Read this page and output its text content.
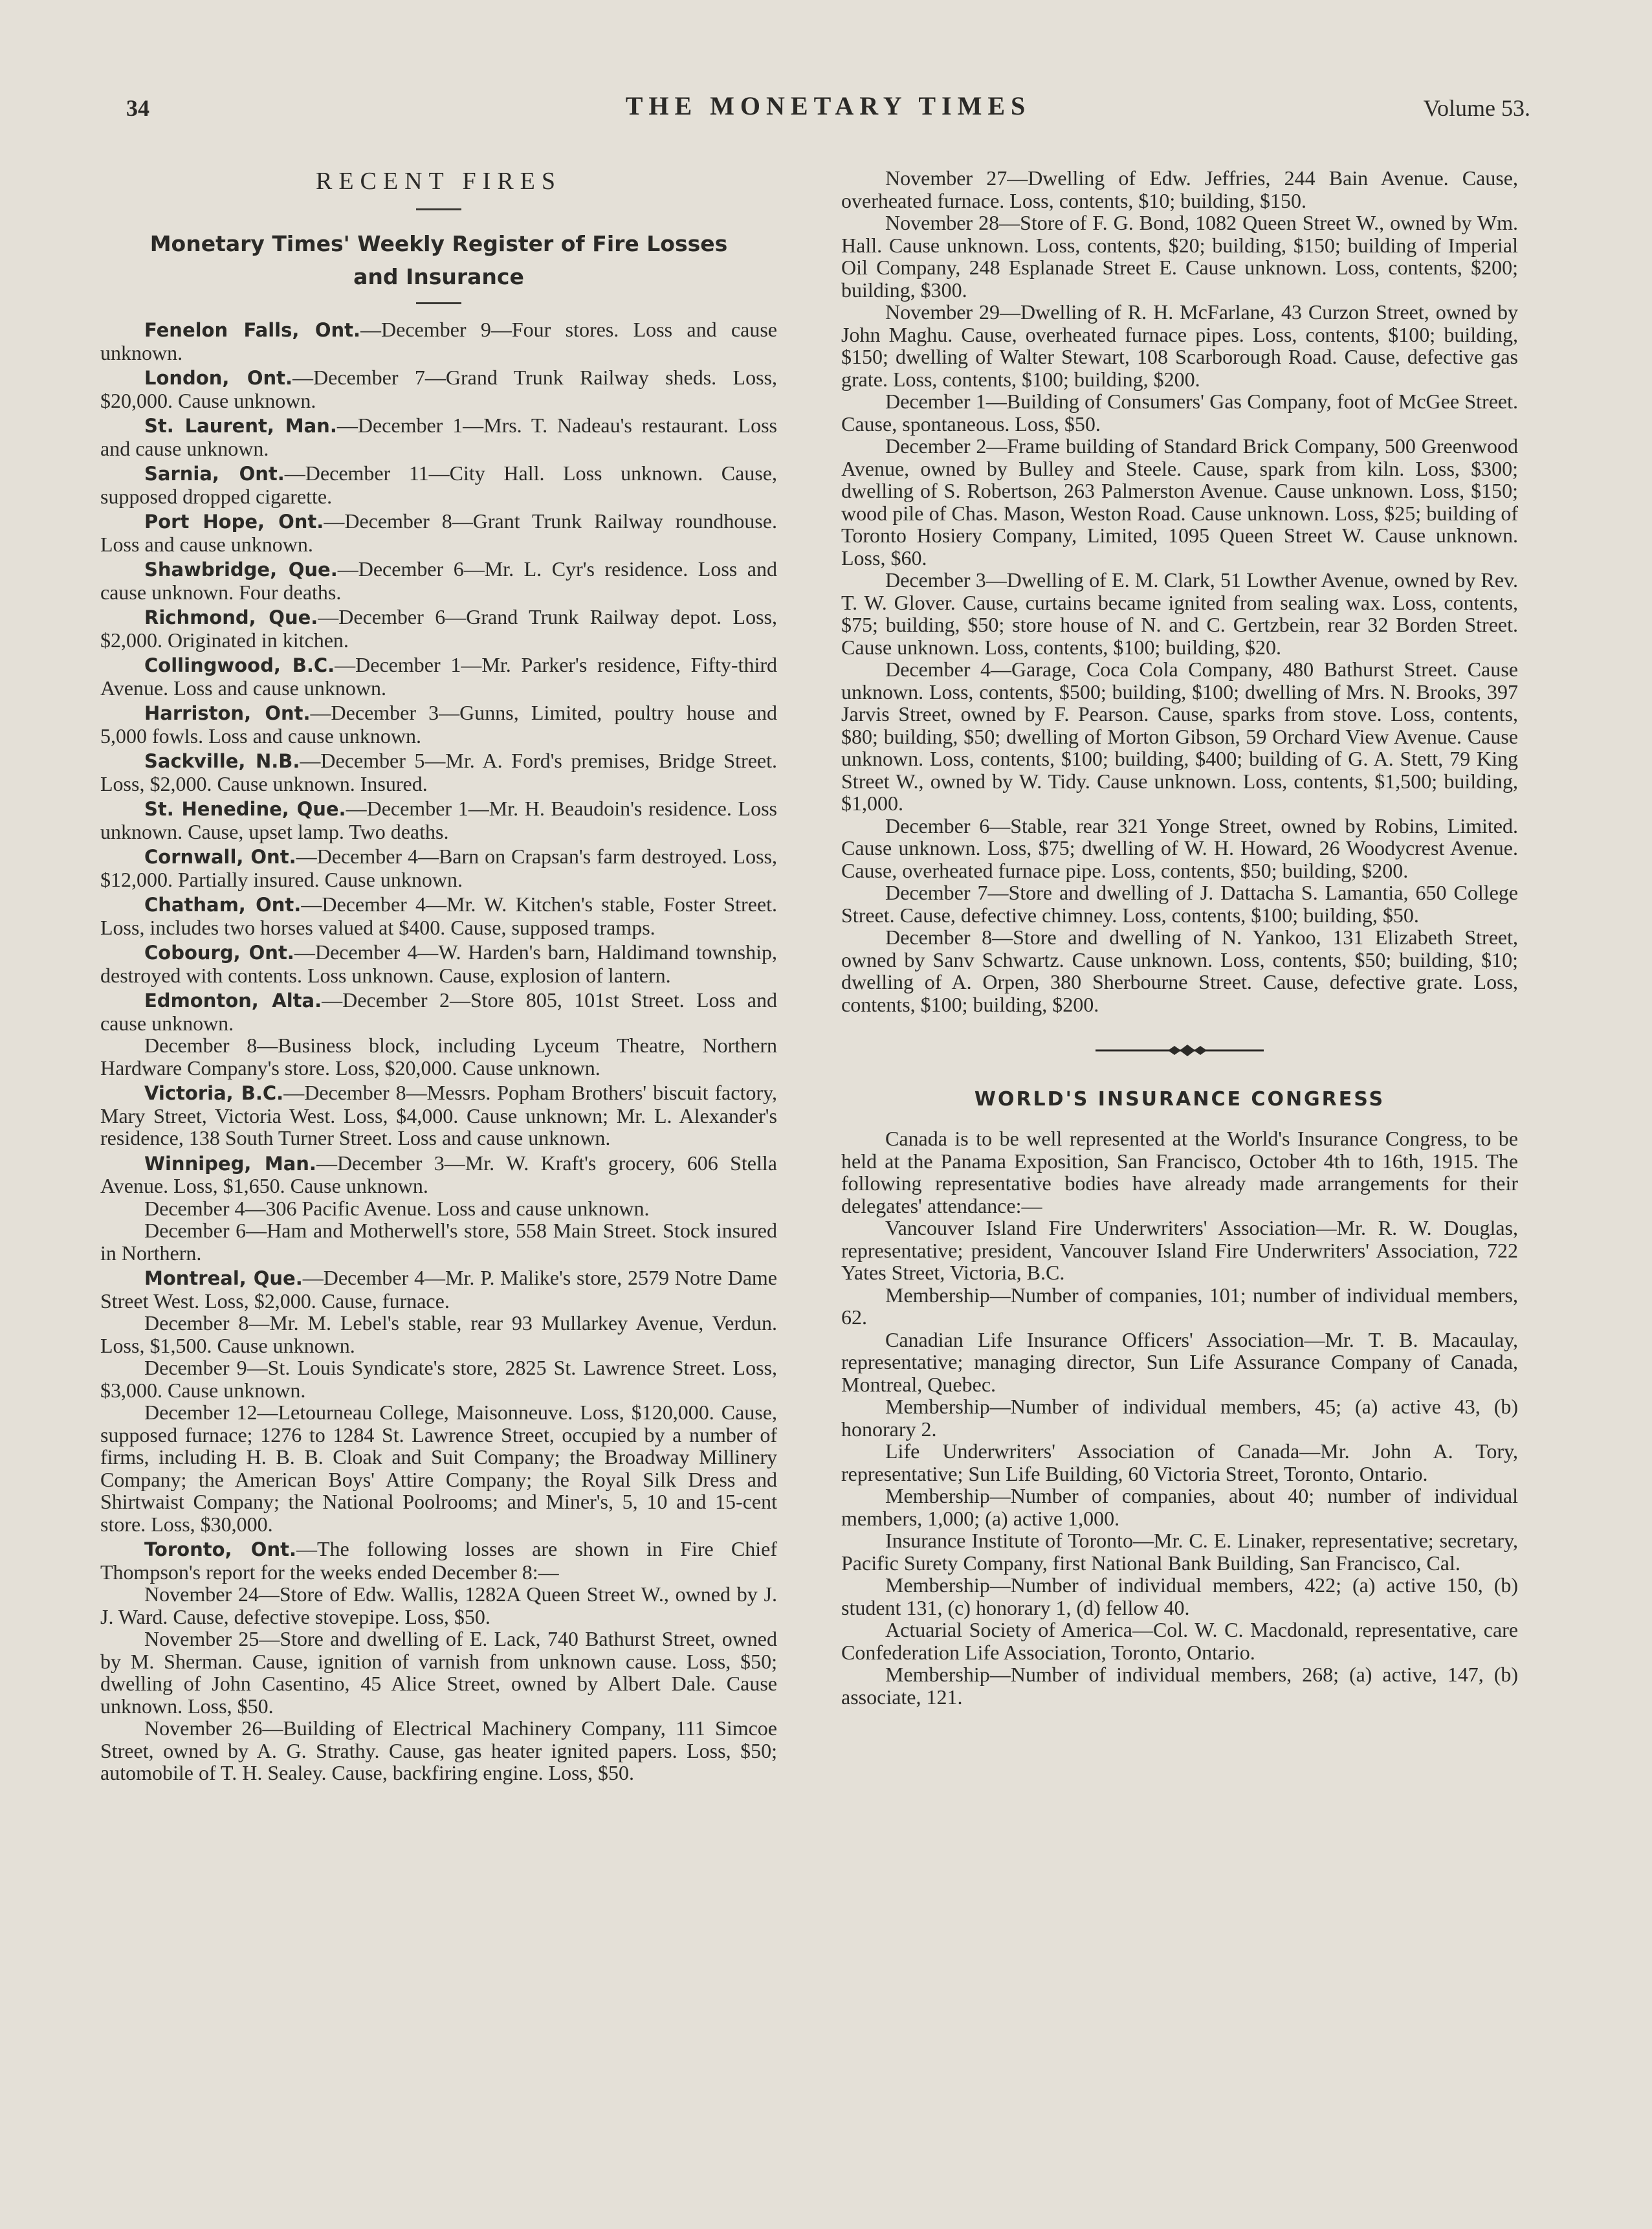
34	THE MONETARY TIMES	Volume 53.
RECENT FIRES
Monetary Times' Weekly Register of Fire Losses
and Insurance

Fenelon Falls, Ont.—December 9—Four stores. Loss and cause unknown.

London, Ont.—December 7—Grand Trunk Railway sheds. Loss, $20,000. Cause unknown.

St. Laurent, Man.—December 1—Mrs. T. Nadeau's restaurant. Loss and cause unknown.

Sarnia, Ont.—December 11—City Hall. Loss unknown. Cause, supposed dropped cigarette.

Port Hope, Ont.—December 8—Grant Trunk Railway roundhouse. Loss and cause unknown.

Shawbridge, Que.—December 6—Mr. L. Cyr's residence. Loss and cause unknown. Four deaths.

Richmond, Que.—December 6—Grand Trunk Railway depot. Loss, $2,000. Originated in kitchen.

Collingwood, B.C.—December 1—Mr. Parker's residence, Fifty-third Avenue. Loss and cause unknown.

Harriston, Ont.—December 3—Gunns, Limited, poultry house and 5,000 fowls. Loss and cause unknown.

Sackville, N.B.—December 5—Mr. A. Ford's premises, Bridge Street. Loss, $2,000. Cause unknown. Insured.

St. Henedine, Que.—December 1—Mr. H. Beaudoin's residence. Loss unknown. Cause, upset lamp. Two deaths.

Cornwall, Ont.—December 4—Barn on Crapsan's farm destroyed. Loss, $12,000. Partially insured. Cause unknown.

Chatham, Ont.—December 4—Mr. W. Kitchen's stable, Foster Street. Loss, includes two horses valued at $400. Cause, supposed tramps.

Cobourg, Ont.—December 4—W. Harden's barn, Haldimand township, destroyed with contents. Loss unknown. Cause, explosion of lantern.

Edmonton, Alta.—December 2—Store 805, 101st Street. Loss and cause unknown.

December 8—Business block, including Lyceum Theatre, Northern Hardware Company's store. Loss, $20,000. Cause unknown.

Victoria, B.C.—December 8—Messrs. Popham Brothers' biscuit factory, Mary Street, Victoria West. Loss, $4,000. Cause unknown; Mr. L. Alexander's residence, 138 South Turner Street. Loss and cause unknown.

Winnipeg, Man.—December 3—Mr. W. Kraft's grocery, 606 Stella Avenue. Loss, $1,650. Cause unknown.

December 4—306 Pacific Avenue. Loss and cause unknown.

December 6—Ham and Motherwell's store, 558 Main Street. Stock insured in Northern.

Montreal, Que.—December 4—Mr. P. Malike's store, 2579 Notre Dame Street West. Loss, $2,000. Cause, furnace.

December 8—Mr. M. Lebel's stable, rear 93 Mullarkey Avenue, Verdun. Loss, $1,500. Cause unknown.

December 9—St. Louis Syndicate's store, 2825 St. Lawrence Street. Loss, $3,000. Cause unknown.

December 12—Letourneau College, Maisonneuve. Loss, $120,000. Cause, supposed furnace; 1276 to 1284 St. Lawrence Street, occupied by a number of firms, including H. B. B. Cloak and Suit Company; the Broadway Millinery Company; the American Boys' Attire Company; the Royal Silk Dress and Shirtwaist Company; the National Poolrooms; and Miner's, 5, 10 and 15-cent store. Loss, $30,000.

Toronto, Ont.—The following losses are shown in Fire Chief Thompson's report for the weeks ended December 8:—

November 24—Store of Edw. Wallis, 1282A Queen Street W., owned by J. J. Ward. Cause, defective stovepipe. Loss, $50.

November 25—Store and dwelling of E. Lack, 740 Bathurst Street, owned by M. Sherman. Cause, ignition of varnish from unknown cause. Loss, $50; dwelling of John Casentino, 45 Alice Street, owned by Albert Dale. Cause unknown. Loss, $50.

November 26—Building of Electrical Machinery Company, 111 Simcoe Street, owned by A. G. Strathy. Cause, gas heater ignited papers. Loss, $50; automobile of T. H. Sealey. Cause, backfiring engine. Loss, $50.

November 27—Dwelling of Edw. Jeffries, 244 Bain Avenue. Cause, overheated furnace. Loss, contents, $10; building, $150.

November 28—Store of F. G. Bond, 1082 Queen Street W., owned by Wm. Hall. Cause unknown. Loss, contents, $20; building, $150; building of Imperial Oil Company, 248 Esplanade Street E. Cause unknown. Loss, contents, $200; building, $300.

November 29—Dwelling of R. H. McFarlane, 43 Curzon Street, owned by John Maghu. Cause, overheated furnace pipes. Loss, contents, $100; building, $150; dwelling of Walter Stewart, 108 Scarborough Road. Cause, defective gas grate. Loss, contents, $100; building, $200.

December 1—Building of Consumers' Gas Company, foot of McGee Street. Cause, spontaneous. Loss, $50.

December 2—Frame building of Standard Brick Company, 500 Greenwood Avenue, owned by Bulley and Steele. Cause, spark from kiln. Loss, $300; dwelling of S. Robertson, 263 Palmerston Avenue. Cause unknown. Loss, $150; wood pile of Chas. Mason, Weston Road. Cause unknown. Loss, $25; building of Toronto Hosiery Company, Limited, 1095 Queen Street W. Cause unknown. Loss, $60.

December 3—Dwelling of E. M. Clark, 51 Lowther Avenue, owned by Rev. T. W. Glover. Cause, curtains became ignited from sealing wax. Loss, contents, $75; building, $50; store house of N. and C. Gertzbein, rear 32 Borden Street. Cause unknown. Loss, contents, $100; building, $20.

December 4—Garage, Coca Cola Company, 480 Bathurst Street. Cause unknown. Loss, contents, $500; building, $100; dwelling of Mrs. N. Brooks, 397 Jarvis Street, owned by F. Pearson. Cause, sparks from stove. Loss, contents, $80; building, $50; dwelling of Morton Gibson, 59 Orchard View Avenue. Cause unknown. Loss, contents, $100; building, $400; building of G. A. Stett, 79 King Street W., owned by W. Tidy. Cause unknown. Loss, contents, $1,500; building, $1,000.

December 6—Stable, rear 321 Yonge Street, owned by Robins, Limited. Cause unknown. Loss, $75; dwelling of W. H. Howard, 26 Woodycrest Avenue. Cause, overheated furnace pipe. Loss, contents, $50; building, $200.

December 7—Store and dwelling of J. Dattacha S. Lamantia, 650 College Street. Cause, defective chimney. Loss, contents, $100; building, $50.

December 8—Store and dwelling of N. Yankoo, 131 Elizabeth Street, owned by Sanv Schwartz. Cause unknown. Loss, contents, $50; building, $10; dwelling of A. Orpen, 380 Sherbourne Street. Cause, defective grate. Loss, contents, $100; building, $200.

WORLD'S INSURANCE CONGRESS

Canada is to be well represented at the World's Insurance Congress, to be held at the Panama Exposition, San Francisco, October 4th to 16th, 1915. The following representative bodies have already made arrangements for their delegates' attendance:—

Vancouver Island Fire Underwriters' Association—Mr. R. W. Douglas, representative; president, Vancouver Island Fire Underwriters' Association, 722 Yates Street, Victoria, B.C.

Membership—Number of companies, 101; number of individual members, 62.

Canadian Life Insurance Officers' Association—Mr. T. B. Macaulay, representative; managing director, Sun Life Assurance Company of Canada, Montreal, Quebec.

Membership—Number of individual members, 45; (a) active 43, (b) honorary 2.

Life Underwriters' Association of Canada—Mr. John A. Tory, representative; Sun Life Building, 60 Victoria Street, Toronto, Ontario.

Membership—Number of companies, about 40; number of individual members, 1,000; (a) active 1,000.

Insurance Institute of Toronto—Mr. C. E. Linaker, representative; secretary, Pacific Surety Company, first National Bank Building, San Francisco, Cal.

Membership—Number of individual members, 422; (a) active 150, (b) student 131, (c) honorary 1, (d) fellow 40.

Actuarial Society of America—Col. W. C. Macdonald, representative, care Confederation Life Association, Toronto, Ontario.

Membership—Number of individual members, 268; (a) active, 147, (b) associate, 121.
